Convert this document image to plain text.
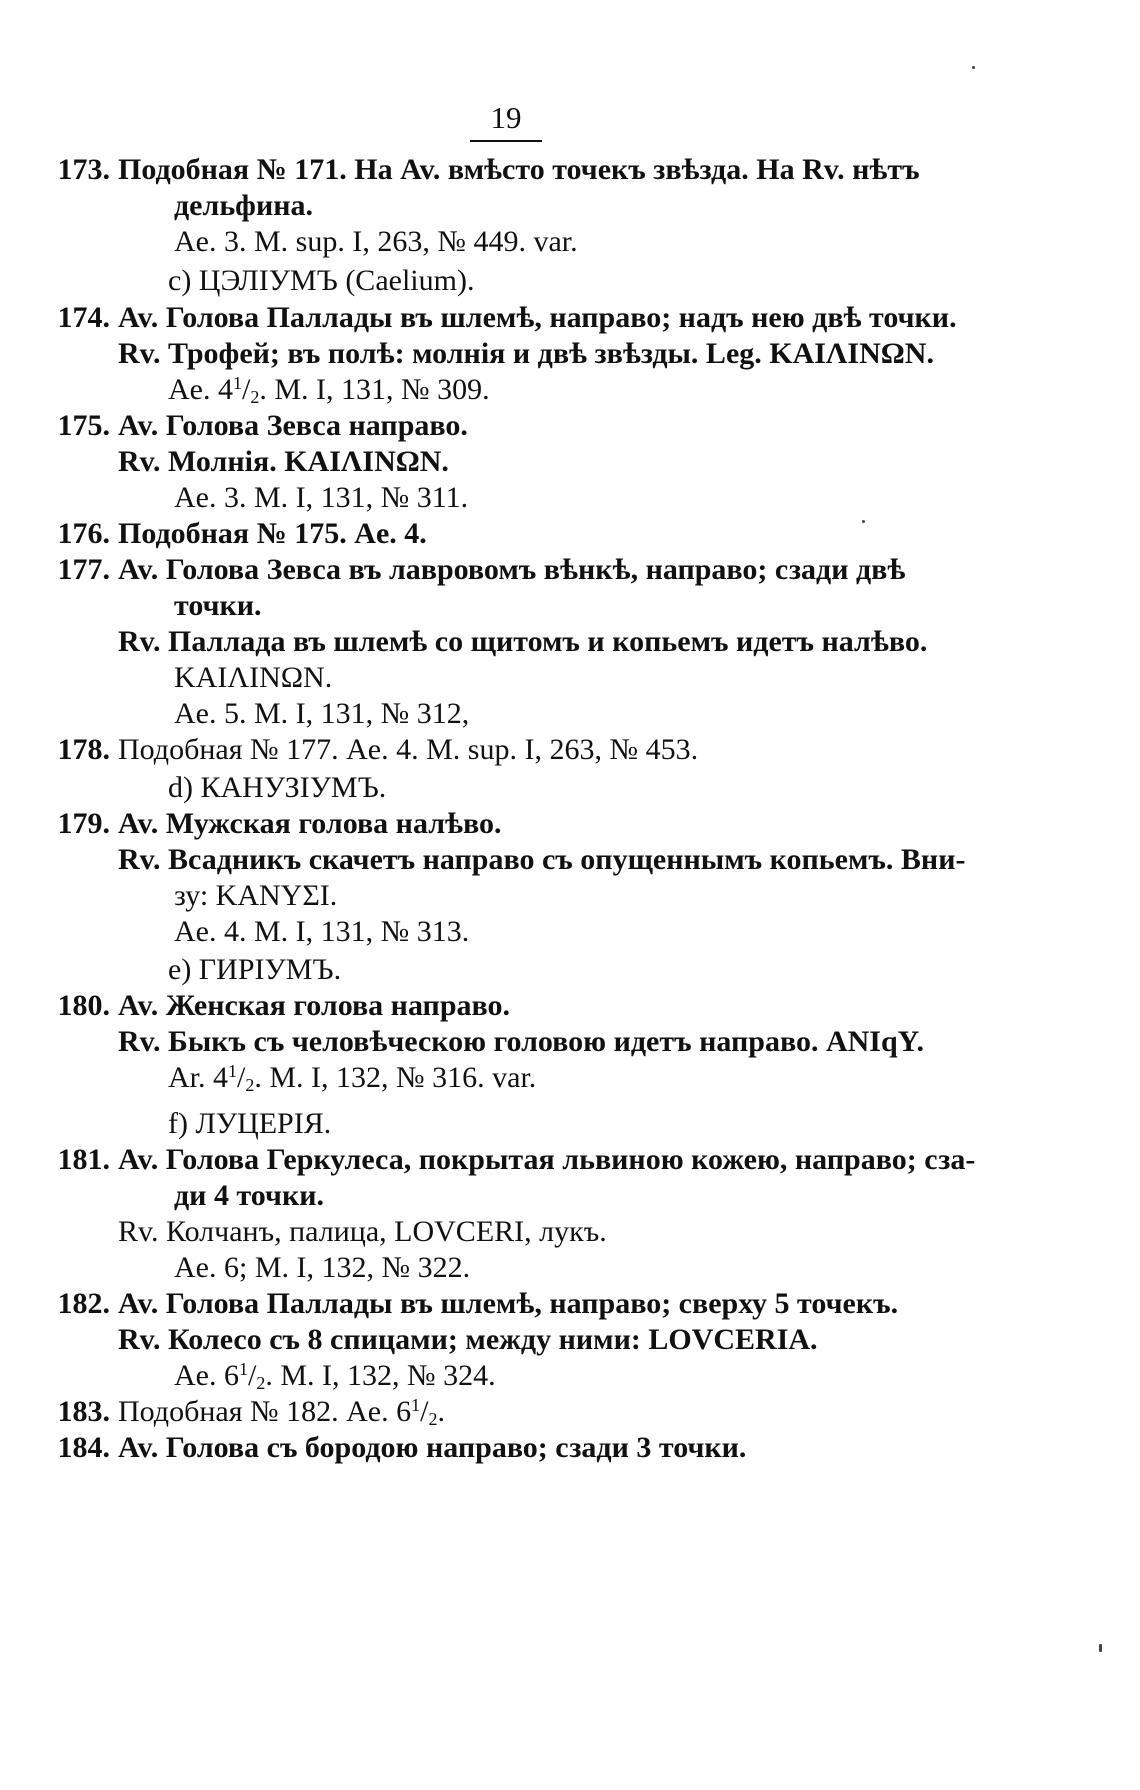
19
173. Подобная № 171. На Av. вмѣсто точекъ звѣзда. На Rv. нѣтъ
дельфина.
Ae. 3. M. sup. I, 263, № 449. var.
c) ЦЭЛІУМЪ (Caelium).
174. Av. Голова Паллады въ шлемѣ, направо; надъ нею двѣ точки.
Rv. Трофей; въ полѣ: молнія и двѣ звѣзды. Leg. ΚΑΙΛΙΝΩΝ.
Ae. $4^1/_2$. M. I, 131, № 309.
175. Av. Голова Зевса направо.
Rv. Молнія. ΚΑΙΛΙΝΩΝ.
Ae. 3. M. I, 131, № 311.
176. Подобная № 175. Ae. 4.
177. Av. Голова Зевса въ лавровомъ вѣнкѣ, направо; сзади двѣ
точки.
Rv. Паллада въ шлемѣ со щитомъ и копьемъ идетъ налѣво.
ΚΑΙΛΙΝΩΝ.
Ae. 5. M. I, 131, № 312,
178. Подобная № 177. Ae. 4. M. sup. I, 263, № 453.
d) КАНУЗІУМЪ.
179. Av. Мужская голова налѣво.
Rv. Всадникъ скачетъ направо съ опущеннымъ копьемъ. Вни-
зу: ΚΑΝΥΣΙ.
Ae. 4. M. I, 131, № 313.
e) ГИРІУМЪ.
180. Av. Женская голова направо.
Rv. Быкъ съ человѣческою головою идетъ направо. ANIqY.
Ar. $4^1/_2$. M. I, 132, № 316. var.
f) ЛУЦЕРІЯ.
181. Av. Голова Геркулеса, покрытая львиною кожею, направо; сза-
ди 4 точки.
Rv. Колчанъ, палица, LOVCERI, лукъ.
Ae. 6; M. I, 132, № 322.
182. Av. Голова Паллады въ шлемѣ, направо; сверху 5 точекъ.
Rv. Колесо съ 8 спицами; между ними: LOVCERIA.
Ae. $6^1/_2$. M. I, 132, № 324.
183. Подобная № 182. Ae. $6^1/_2$.
184. Av. Голова съ бородою направо; сзади 3 точки.
